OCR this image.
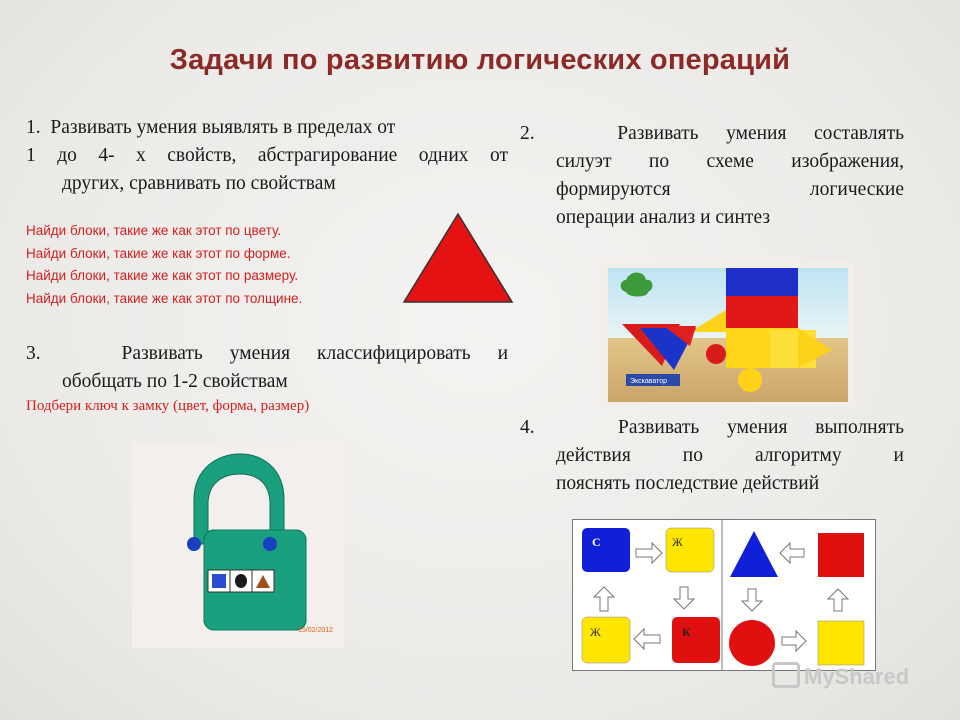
Задачи по развитию логических операций
1. Развивать умения выявлять в пределах от
1 до 4- х свойств, абстрагирование одних от
других, сравнивать по свойствам
Найди блоки, такие же как этот по цвету.
Найди блоки, такие же как этот по форме.
Найди блоки, такие же как этот по размеру.
Найди блоки, такие же как этот по толщине.
2.	Развивать умения составлять
силуэт по схеме изображения,
формируются логические
операции анализ и синтез
Экскаватор
3.	Развивать умения классифицировать и
обобщать по 1-2 свойствам
Подбери ключ к замку (цвет, форма, размер)
15/02/2012
4.	Развивать умения выполнять
действия по алгоритму и
пояснять последствие действий
С	Ж
Ж	К
MyShared
